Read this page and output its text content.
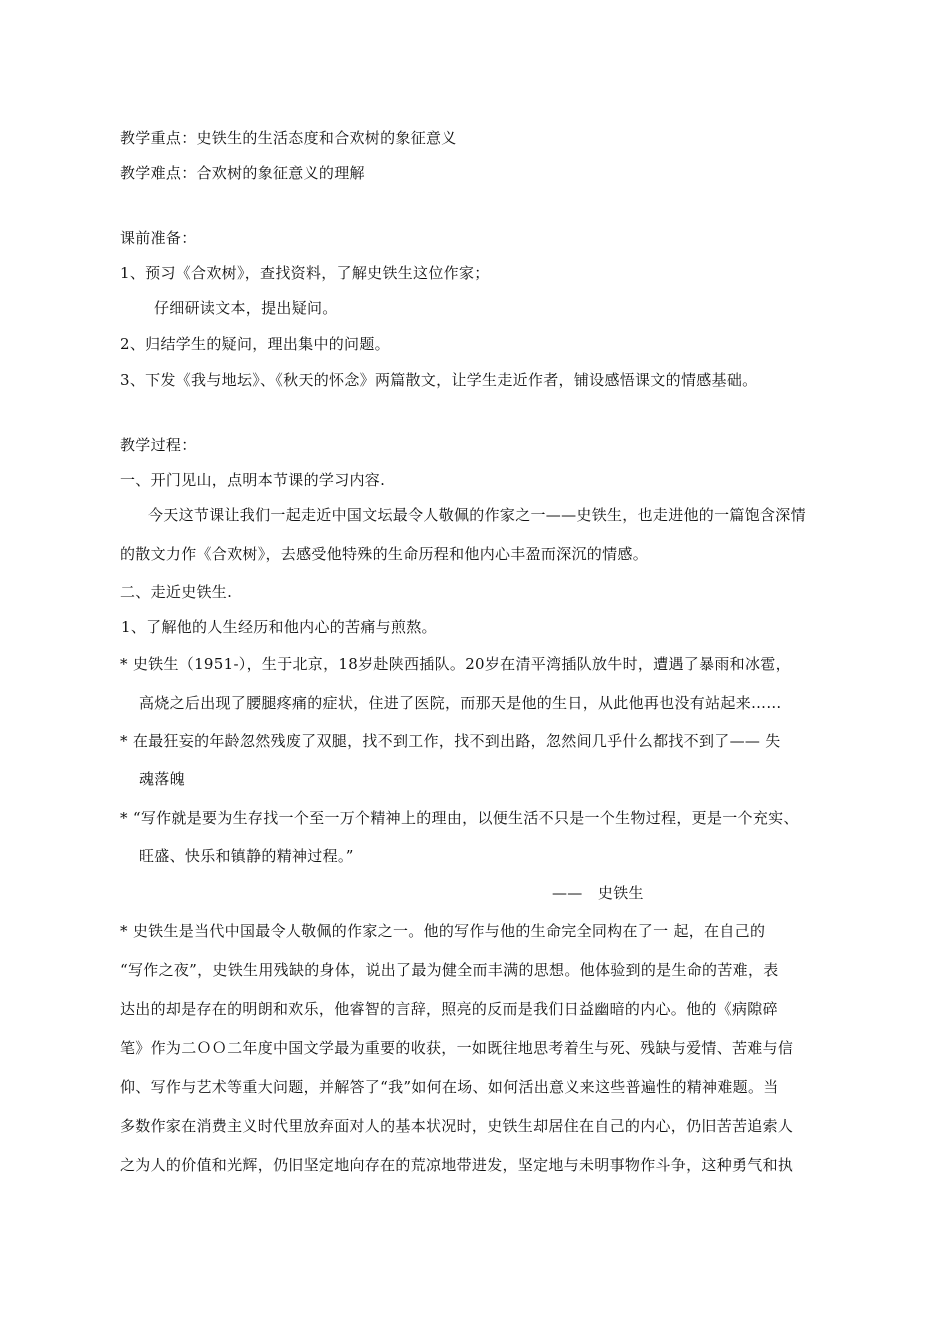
教学重点：史铁生的生活态度和合欢树的象征意义
教学难点：合欢树的象征意义的理解
课前准备：
1、预习《合欢树》，查找资料，了解史铁生这位作家；
仔细研读文本，提出疑问。
2、归结学生的疑问，理出集中的问题。
3、下发《我与地坛》、《秋天的怀念》两篇散文，让学生走近作者，铺设感悟课文的情感基础。
教学过程：
一、开门见山，点明本节课的学习内容.
今天这节课让我们一起走近中国文坛最令人敬佩的作家之一——史铁生，也走进他的一篇饱含深情
的散文力作《合欢树》，去感受他特殊的生命历程和他内心丰盈而深沉的情感。
二、走近史铁生.
1、了解他的人生经历和他内心的苦痛与煎熬。
* 史铁生（1951-），生于北京，18岁赴陕西插队。20岁在清平湾插队放牛时，遭遇了暴雨和冰雹，
高烧之后出现了腰腿疼痛的症状，住进了医院，而那天是他的生日，从此他再也没有站起来……
* 在最狂妄的年龄忽然残废了双腿，找不到工作，找不到出路，忽然间几乎什么都找不到了—— 失
魂落魄
* “写作就是要为生存找一个至一万个精神上的理由，以便生活不只是一个生物过程，更是一个充实、
旺盛、快乐和镇静的精神过程。”
——　史铁生
* 史铁生是当代中国最令人敬佩的作家之一。他的写作与他的生命完全同构在了一 起，在自己的
“写作之夜”，史铁生用残缺的身体，说出了最为健全而丰满的思想。他体验到的是生命的苦难，表
达出的却是存在的明朗和欢乐，他睿智的言辞，照亮的反而是我们日益幽暗的内心。他的《病隙碎
笔》作为二ＯＯ二年度中国文学最为重要的收获，一如既往地思考着生与死、残缺与爱情、苦难与信
仰、写作与艺术等重大问题，并解答了“我”如何在场、如何活出意义来这些普遍性的精神难题。当
多数作家在消费主义时代里放弃面对人的基本状况时，史铁生却居住在自己的内心，仍旧苦苦追索人
之为人的价值和光辉，仍旧坚定地向存在的荒凉地带进发，坚定地与未明事物作斗争，这种勇气和执
